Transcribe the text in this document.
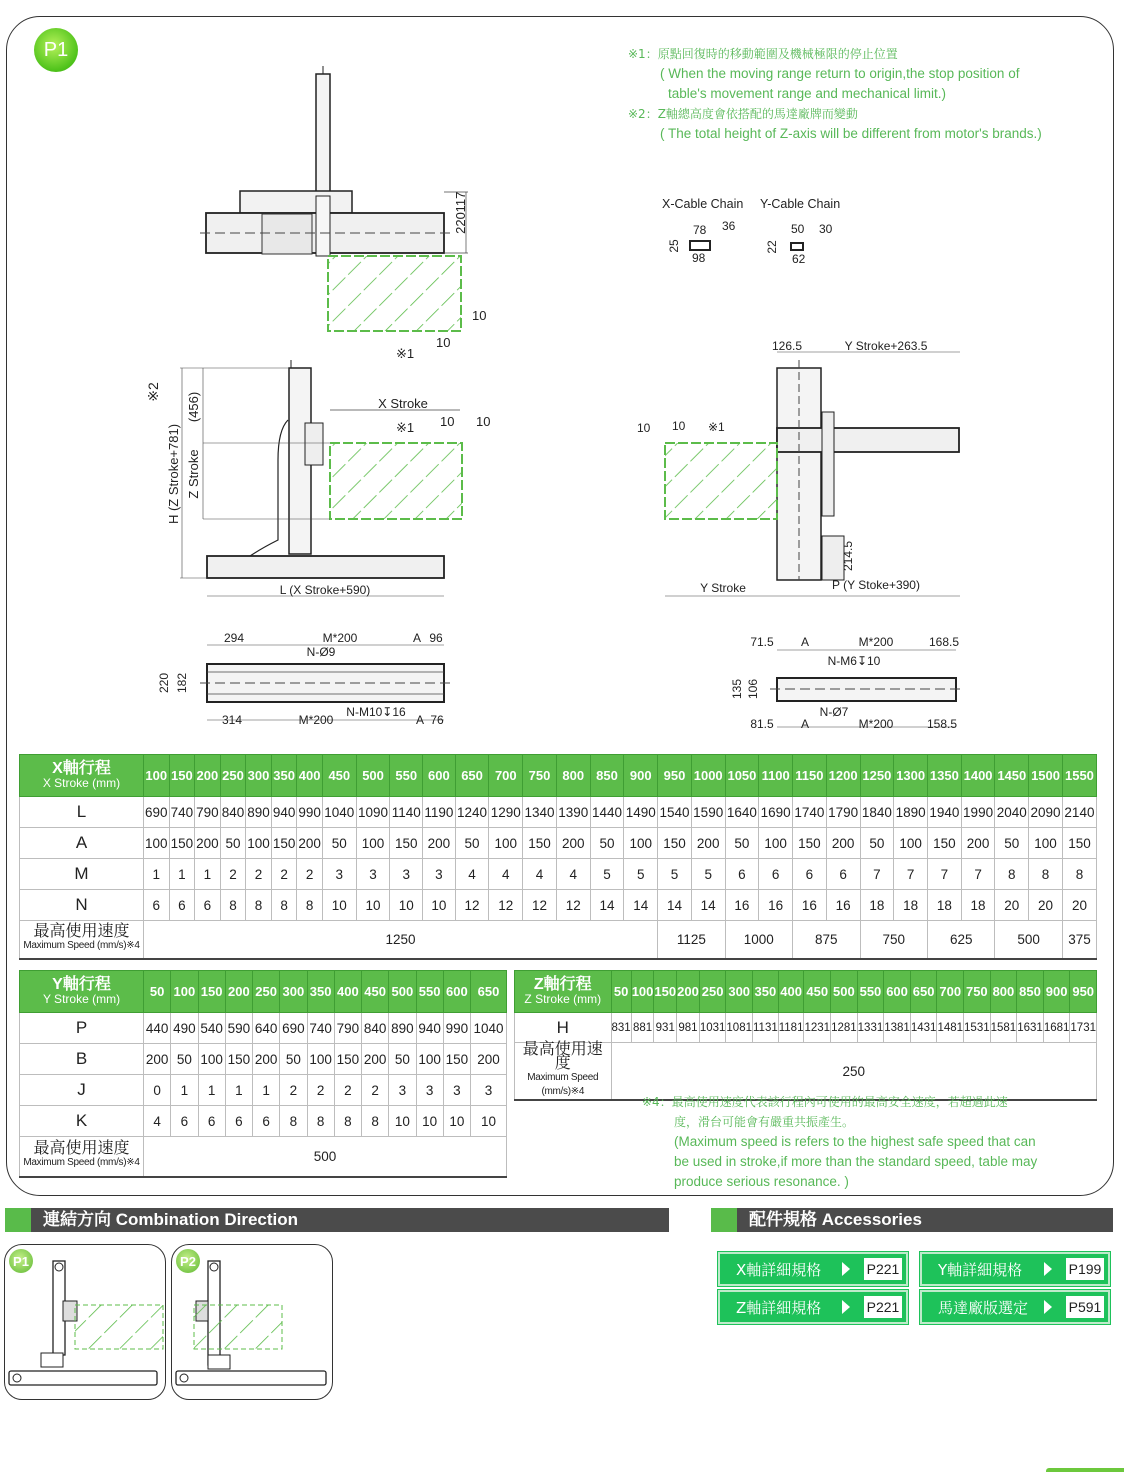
P1	※1：原點回復時的移動範圍及機械極限的停止位置
( When the moving range return to origin,the stop position of
table's movement range and mechanical limit.)
※2：Z軸總高度會依搭配的馬達廠牌而變動
( The total height of Z-axis will be different from motor's brands.)
220
117
10
10
※1
※2
H (Z Stroke+781)
(456)
Z Stroke
X Stroke
※1 10 10
L (X Stroke+590)
X-Cable Chain Y-Cable Chain
78 36
25
98
50 30
22
62
126.5	Y Stroke+263.5
10 10 ※1
214.5
Y Stroke	P (Y Stoke+390)
294	M*200	A 96
N-Ø9
220 182
314	M*200
N-M10↧16
A 76
71.5 A	M*200	168.5
N-M6↧10
135 106
N-Ø7
81.5 A	M*200	158.5
X軸行程
X Stroke (mm)	100	150	200	250	300	350	400	450	500	550	600	650	700	750	800	850	900	950	1000	1050	1100	1150	1200	1250	1300	1350	1400	1450	1500	1550
L	690	740	790	840	890	940	990	1040	1090	1140	1190	1240	1290	1340	1390	1440	1490	1540	1590	1640	1690	1740	1790	1840	1890	1940	1990	2040	2090	2140
A	100	150	200	50	100	150	200	50	100	150	200	50	100	150	200	50	100	150	200	50	100	150	200	50	100	150	200	50	100	150
M	1	1	1	2	2	2	2	3	3	3	3	4	4	4	4	5	5	5	5	6	6	6	6	7	7	7	7	8	8	8
N	6	6	6	8	8	8	8	10	10	10	10	12	12	12	12	14	14	14	14	16	16	16	16	18	18	18	18	20	20	20

最高使用速度
Maximum Speed (mm/s)※4	1250																	1125		1000		875		750		625		500		375
Y軸行程
Y Stroke (mm)	50	100	150	200	250	300	350	400	450	500	550	600	650
P	440	490	540	590	640	690	740	790	840	890	940	990	1040
B	200	50	100	150	200	50	100	150	200	50	100	150	200
J	0	1	1	1	1	2	2	2	2	3	3	3	3
K	4	6	6	6	6	8	8	8	8	10	10	10	10

最高使用速度
Maximum Speed (mm/s)※4	500												
Z軸行程
Z Stroke (mm)	50	100	150	200	250	300	350	400	450	500	550	600	650	700	750	800	850	900	950
H	831	881	931	981	1031	1081	1131	1181	1231	1281	1331	1381	1431	1481	1531	1581	1631	1681	1731

最高使用速度
Maximum Speed (mm/s)※4	250																		
※4：最高使用速度代表該行程內可使用的最高安全速度，若超過此速
度，滑台可能會有嚴重共振產生。
(Maximum speed is refers to the highest safe speed that can
be used in stroke,if more than the standard speed, table may
produce serious resonance. )
連結方向 Combination Direction	配件規格 Accessories
P1	P2	X軸詳細規格	P221	Y軸詳細規格	P199
Z軸詳細規格	P221	馬達廠版選定	P591
